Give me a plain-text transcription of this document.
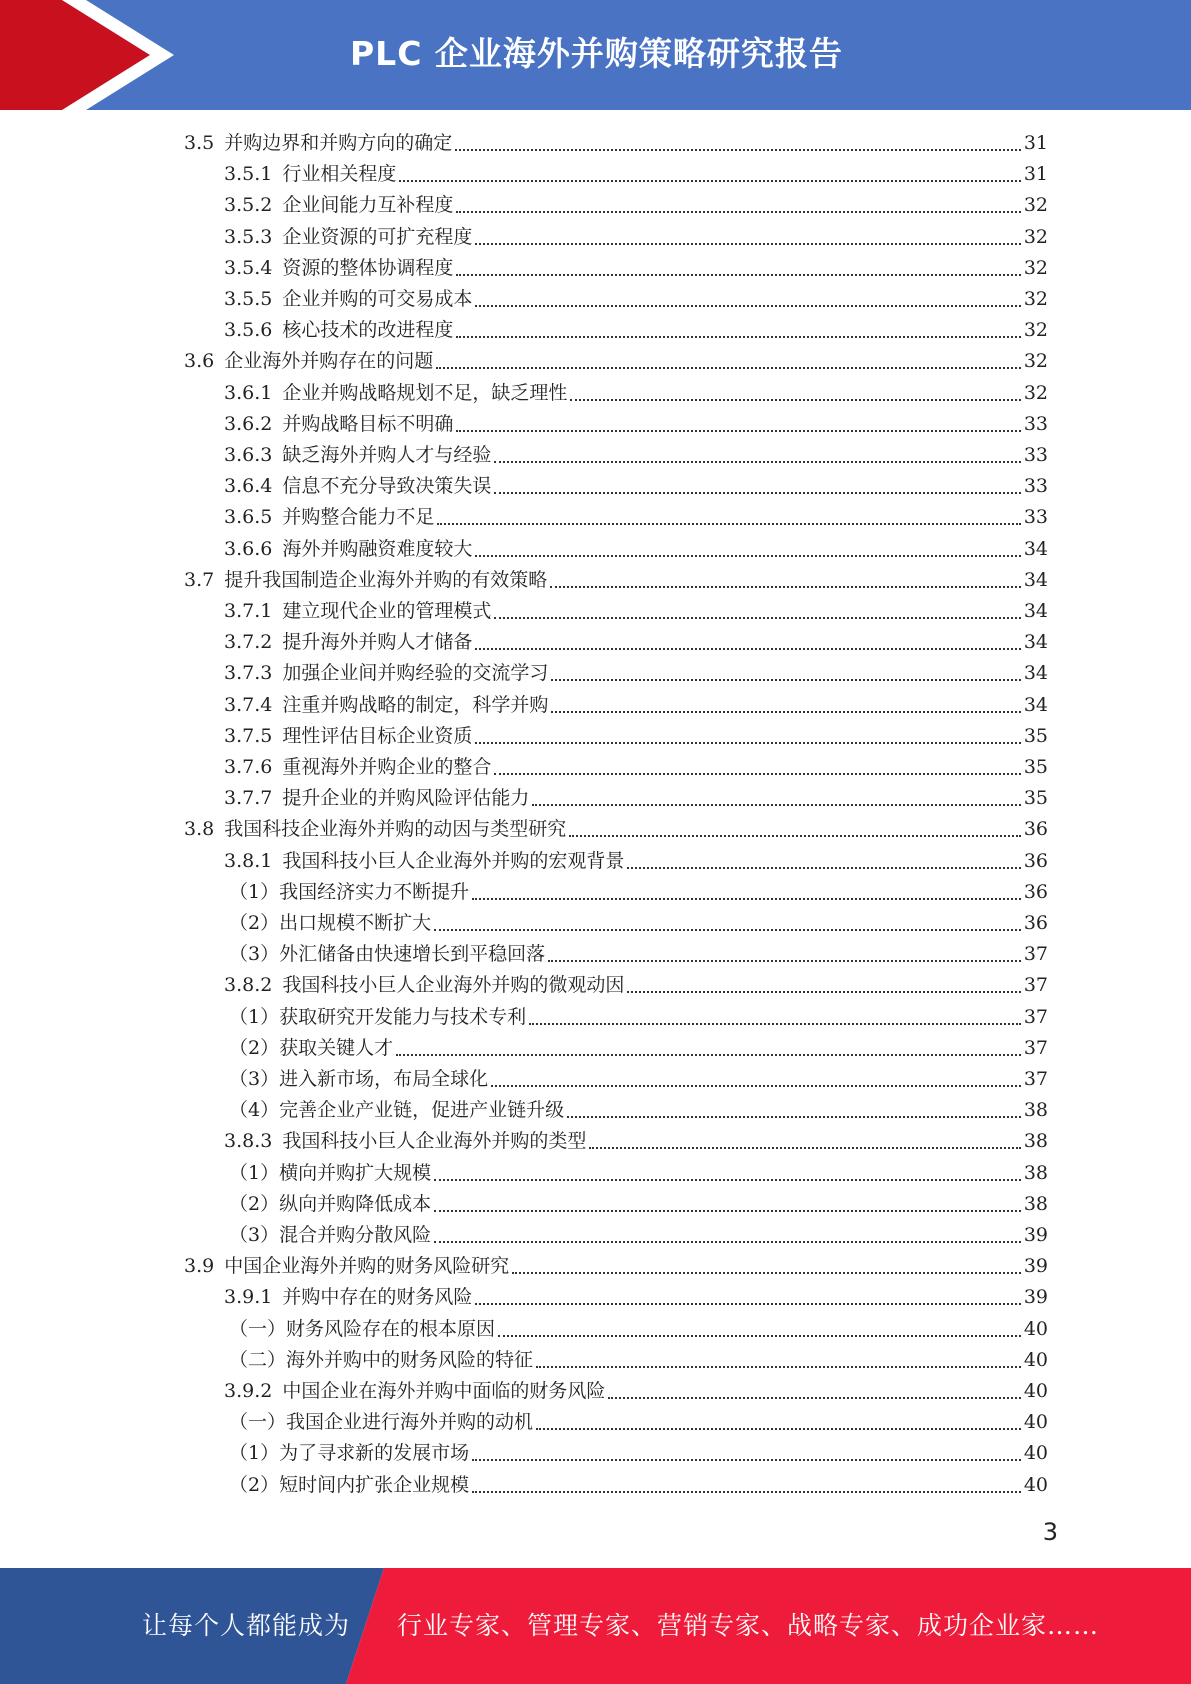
PLC 企业海外并购策略研究报告
3.5 并购边界和并购方向的确定	31
3.5.1 行业相关程度	31
3.5.2 企业间能力互补程度	32
3.5.3 企业资源的可扩充程度	32
3.5.4 资源的整体协调程度	32
3.5.5 企业并购的可交易成本	32
3.5.6 核心技术的改进程度	32
3.6 企业海外并购存在的问题	32
3.6.1 企业并购战略规划不足，缺乏理性	32
3.6.2 并购战略目标不明确	33
3.6.3 缺乏海外并购人才与经验	33
3.6.4 信息不充分导致决策失误	33
3.6.5 并购整合能力不足	33
3.6.6 海外并购融资难度较大	34
3.7 提升我国制造企业海外并购的有效策略	34
3.7.1 建立现代企业的管理模式	34
3.7.2 提升海外并购人才储备	34
3.7.3 加强企业间并购经验的交流学习	34
3.7.4 注重并购战略的制定，科学并购	34
3.7.5 理性评估目标企业资质	35
3.7.6 重视海外并购企业的整合	35
3.7.7 提升企业的并购风险评估能力	35
3.8 我国科技企业海外并购的动因与类型研究	36
3.8.1 我国科技小巨人企业海外并购的宏观背景	36
（1） 我国经济实力不断提升	36
（2） 出口规模不断扩大	36
（3） 外汇储备由快速增长到平稳回落	37
3.8.2 我国科技小巨人企业海外并购的微观动因	37
（1） 获取研究开发能力与技术专利	37
（2） 获取关键人才	37
（3） 进入新市场，布局全球化	37
（4） 完善企业产业链，促进产业链升级	38
3.8.3 我国科技小巨人企业海外并购的类型	38
（1） 横向并购扩大规模	38
（2） 纵向并购降低成本	38
（3） 混合并购分散风险	39
3.9 中国企业海外并购的财务风险研究	39
3.9.1 并购中存在的财务风险	39
（一） 财务风险存在的根本原因	40
（二） 海外并购中的财务风险的特征	40
3.9.2 中国企业在海外并购中面临的财务风险	40
（一） 我国企业进行海外并购的动机	40
（1） 为了寻求新的发展市场	40
（2） 短时间内扩张企业规模	40
3
让每个人都能成为 行业专家、管理专家、营销专家、战略专家、成功企业家……
